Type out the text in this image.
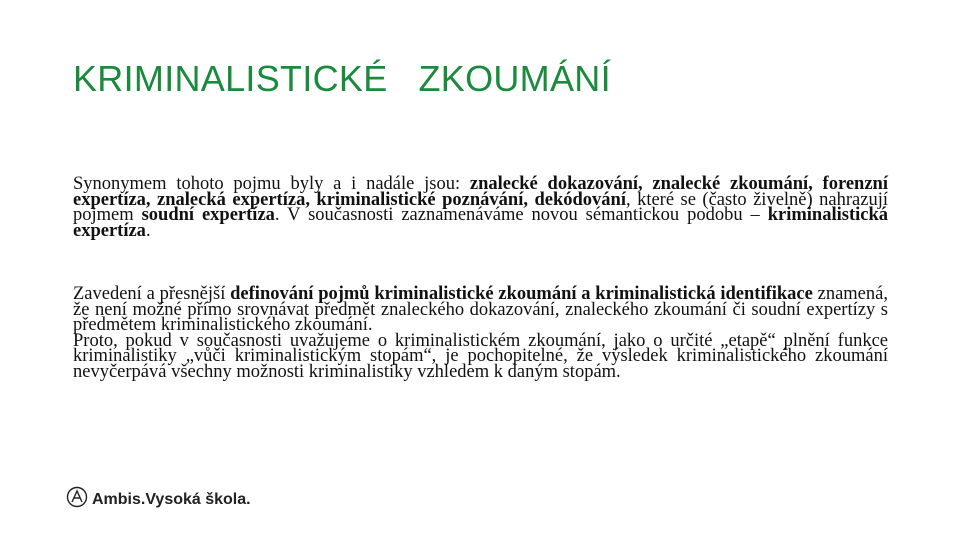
KRIMINALISTICKÉ   ZKOUMÁNÍ

Synonymem tohoto pojmu byly a i nadále jsou: znalecké dokazování, znalecké zkoumání, forenzní expertíza, znalecká expertíza, kriminalistické poznávání, dekódování, které se (často živelně) nahrazují pojmem soudní expertíza. V současnosti zaznamenáváme novou sémantickou podobu – kriminalistická expertíza.

Zavedení a přesnější definování pojmů kriminalistické zkoumání a kriminalistická identifikace znamená, že není možné přímo srovnávat předmět znaleckého dokazování, znaleckého zkoumání či soudní expertízy s předmětem kriminalistického zkoumání.
Proto, pokud v současnosti uvažujeme o kriminalistickém zkoumání, jako o určité „etapě“ plnění funkce kriminalistiky „vůči kriminalistickým stopám“, je pochopitelné, že výsledek kriminalistického zkoumání nevyčerpává všechny možnosti kriminalistiky vzhledem k daným stopám.

Ambis.Vysoká škola.
